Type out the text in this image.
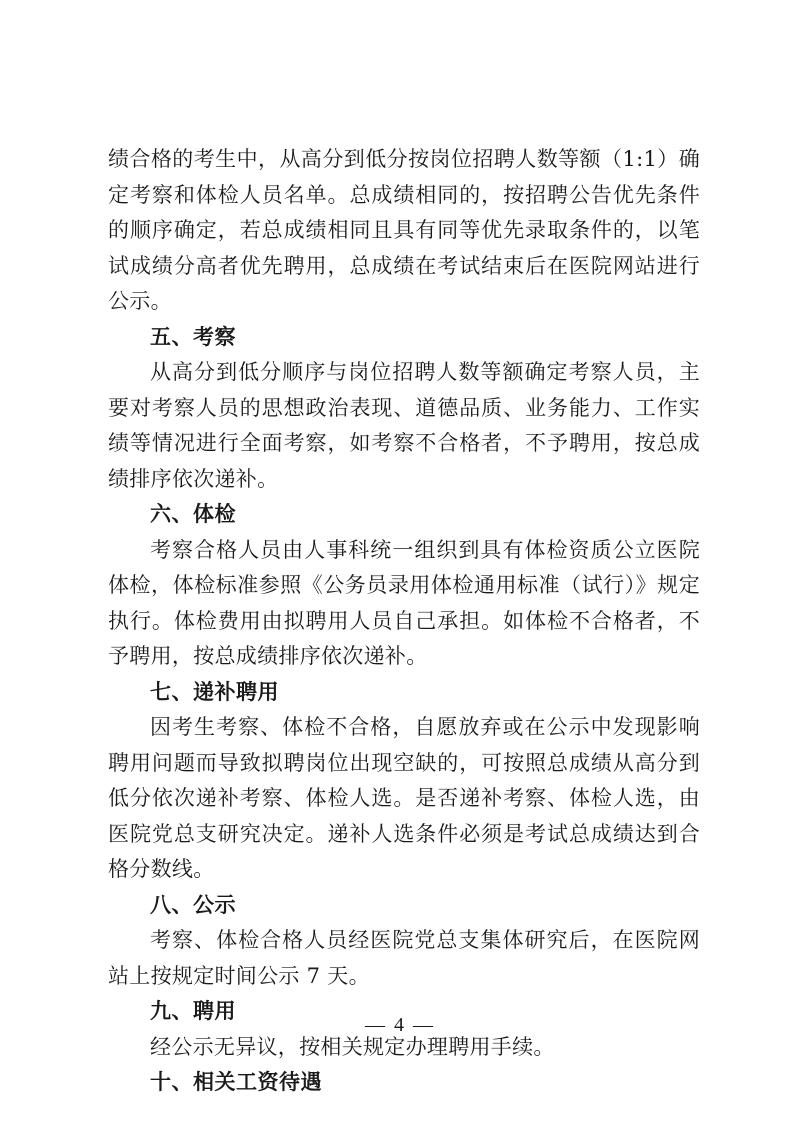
绩合格的考生中，从高分到低分按岗位招聘人数等额（1:1）确定考察和体检人员名单。总成绩相同的，按招聘公告优先条件的顺序确定，若总成绩相同且具有同等优先录取条件的，以笔试成绩分高者优先聘用，总成绩在考试结束后在医院网站进行公示。

五、考察

从高分到低分顺序与岗位招聘人数等额确定考察人员，主要对考察人员的思想政治表现、道德品质、业务能力、工作实绩等情况进行全面考察，如考察不合格者，不予聘用，按总成绩排序依次递补。

六、体检

考察合格人员由人事科统一组织到具有体检资质公立医院体检，体检标准参照《公务员录用体检通用标准（试行）》规定执行。体检费用由拟聘用人员自己承担。如体检不合格者，不予聘用，按总成绩排序依次递补。

七、递补聘用

因考生考察、体检不合格，自愿放弃或在公示中发现影响聘用问题而导致拟聘岗位出现空缺的，可按照总成绩从高分到低分依次递补考察、体检人选。是否递补考察、体检人选，由医院党总支研究决定。递补人选条件必须是考试总成绩达到合格分数线。

八、公示

考察、体检合格人员经医院党总支集体研究后，在医院网站上按规定时间公示 7 天。

九、聘用

经公示无异议，按相关规定办理聘用手续。

十、相关工资待遇
— 4 —
